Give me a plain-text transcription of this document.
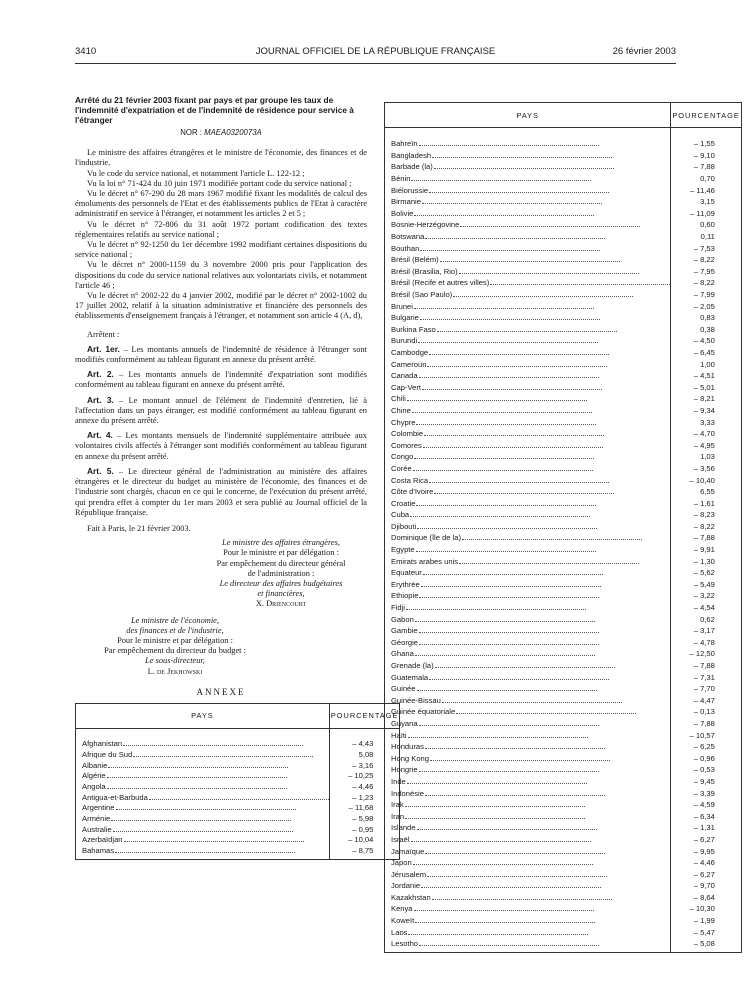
3410	JOURNAL OFFICIEL DE LA RÉPUBLIQUE FRANÇAISE	26 février 2003
Arrêté du 21 février 2003 fixant par pays et par groupe les taux de l'indemnité d'expatriation et de l'indemnité de résidence pour service à l'étranger
NOR : MAEA0320073A

Le ministre des affaires étrangères et le ministre de l'économie, des finances et de l'industrie,

Vu le code du service national, et notamment l'article L. 122-12 ;

Vu la loi n° 71-424 du 10 juin 1971 modifiée portant code du service national ;

Vu le décret n° 67-290 du 28 mars 1967 modifié fixant les modalités de calcul des émoluments des personnels de l'Etat et des établissements publics de l'Etat à caractère administratif en service à l'étranger, et notamment les articles 2 et 5 ;

Vu le décret n° 72-806 du 31 août 1972 portant codification des textes réglementaires relatifs au service national ;

Vu le décret n° 92-1250 du 1er décembre 1992 modifiant certaines dispositions du service national ;

Vu le décret n° 2000-1159 du 3 novembre 2000 pris pour l'application des dispositions du code du service national relatives aux volontariats civils, et notamment l'article 46 ;

Vu le décret n° 2002-22 du 4 janvier 2002, modifié par le décret n° 2002-1002 du 17 juillet 2002, relatif à la situation administrative et financière des personnels des établissements d'enseignement français à l'étranger, et notamment son article 4 (A, d),

Arrêtent :

Art. 1er. – Les montants annuels de l'indemnité de résidence à l'étranger sont modifiés conformément au tableau figurant en annexe du présent arrêté.

Art. 2. – Les montants annuels de l'indemnité d'expatriation sont modifiés conformément au tableau figurant en annexe du présent arrêté.

Art. 3. – Le montant annuel de l'élément de l'indemnité d'entretien, lié à l'affectation dans un pays étranger, est modifié conformément au tableau figurant en annexe du présent arrêté.

Art. 4. – Les montants mensuels de l'indemnité supplémentaire attribuée aux volontaires civils affectés à l'étranger sont modifiés conformément au tableau figurant en annexe du présent arrêté.

Art. 5. – Le directeur général de l'administration au ministère des affaires étrangères et le directeur du budget au ministère de l'économie, des finances et de l'industrie sont chargés, chacun en ce qui le concerne, de l'exécution du présent arrêté, qui prendra effet à compter du 1er mars 2003 et sera publié au Journal officiel de la République française.

Fait à Paris, le 21 février 2003.

Le ministre des affaires étrangères,
Pour le ministre et par délégation :
Par empêchement du directeur général
de l'administration :
Le directeur des affaires budgétaires
et financières,
X. Driencourt
Le ministre de l'économie,
des finances et de l'industrie,
Pour le ministre et par délégation :
Par empêchement du directeur du budget :
Le sous-directeur,
L. de Jekhowski
ANNEXE
PAYS	POURCENTAGE

Afghanistan	– 4,43
Afrique du Sud	5,08
Albanie	– 3,16
Algérie	– 10,25
Angola	– 4,46
Antigua-et-Barbuda	– 1,23
Argentine	– 11,68
Arménie	– 5,98
Australie	– 0,95
Azerbaïdjan	– 10,04
Bahamas	– 8,75

PAYS	POURCENTAGE

Bahreïn	– 1,55
Bangladesh	– 9,10
Barbade (la)	– 7,88
Bénin	0,70
Biélorussie	– 11,46
Birmanie	3,15
Bolivie	– 11,09
Bosnie-Herzégovine	0,60
Botswana	0,11
Bouthan	– 7,53
Brésil (Belém)	– 8,22
Brésil (Brasilia, Rio)	– 7,95
Brésil (Recife et autres villes)	– 8,22
Brésil (Sao Paulo)	– 7,99
Brunei	– 2,05
Bulgarie	0,83
Burkina Faso	0,38
Burundi	– 4,50
Cambodge	– 6,45
Cameroun	1,00
Canada	– 4,51
Cap-Vert	– 5,01
Chili	– 8,21
Chine	– 9,34
Chypre	3,33
Colombie	– 4,70
Comores	– 4,95
Congo	1,03
Corée	– 3,56
Costa Rica	– 10,40
Côte d'Ivoire	6,55
Croatie	– 1,61
Cuba	– 8,23
Djibouti	– 8,22
Dominique (île de la)	– 7,88
Egypte	– 9,91
Emirats arabes unis	– 1,30
Equateur	– 5,62
Erythrée	– 5,49
Ethiopie	– 3,22
Fidji	– 4,54
Gabon	0,62
Gambie	– 3,17
Géorgie	– 4,78
Ghana	– 12,50
Grenade (la)	– 7,88
Guatemala	– 7,31
Guinée	– 7,70
Guinée-Bissau	– 4,47
Guinée équatoriale	– 0,13
Guyana	– 7,88
Haïti	– 10,57
Honduras	– 6,25
Hong Kong	– 0,96
Hongrie	– 0,53
Inde	– 9,45
Indonésie	– 3,39
Irak	– 4,59
Iran	– 6,34
Islande	– 1,31
Israël	– 6,27
Jamaïque	– 9,95
Japon	– 4,46
Jérusalem	– 6,27
Jordanie	– 9,70
Kazakhstan	– 8,64
Kenya	– 10,30
Koweït	– 1,99
Laos	– 5,47
Lesotho	– 5,08
